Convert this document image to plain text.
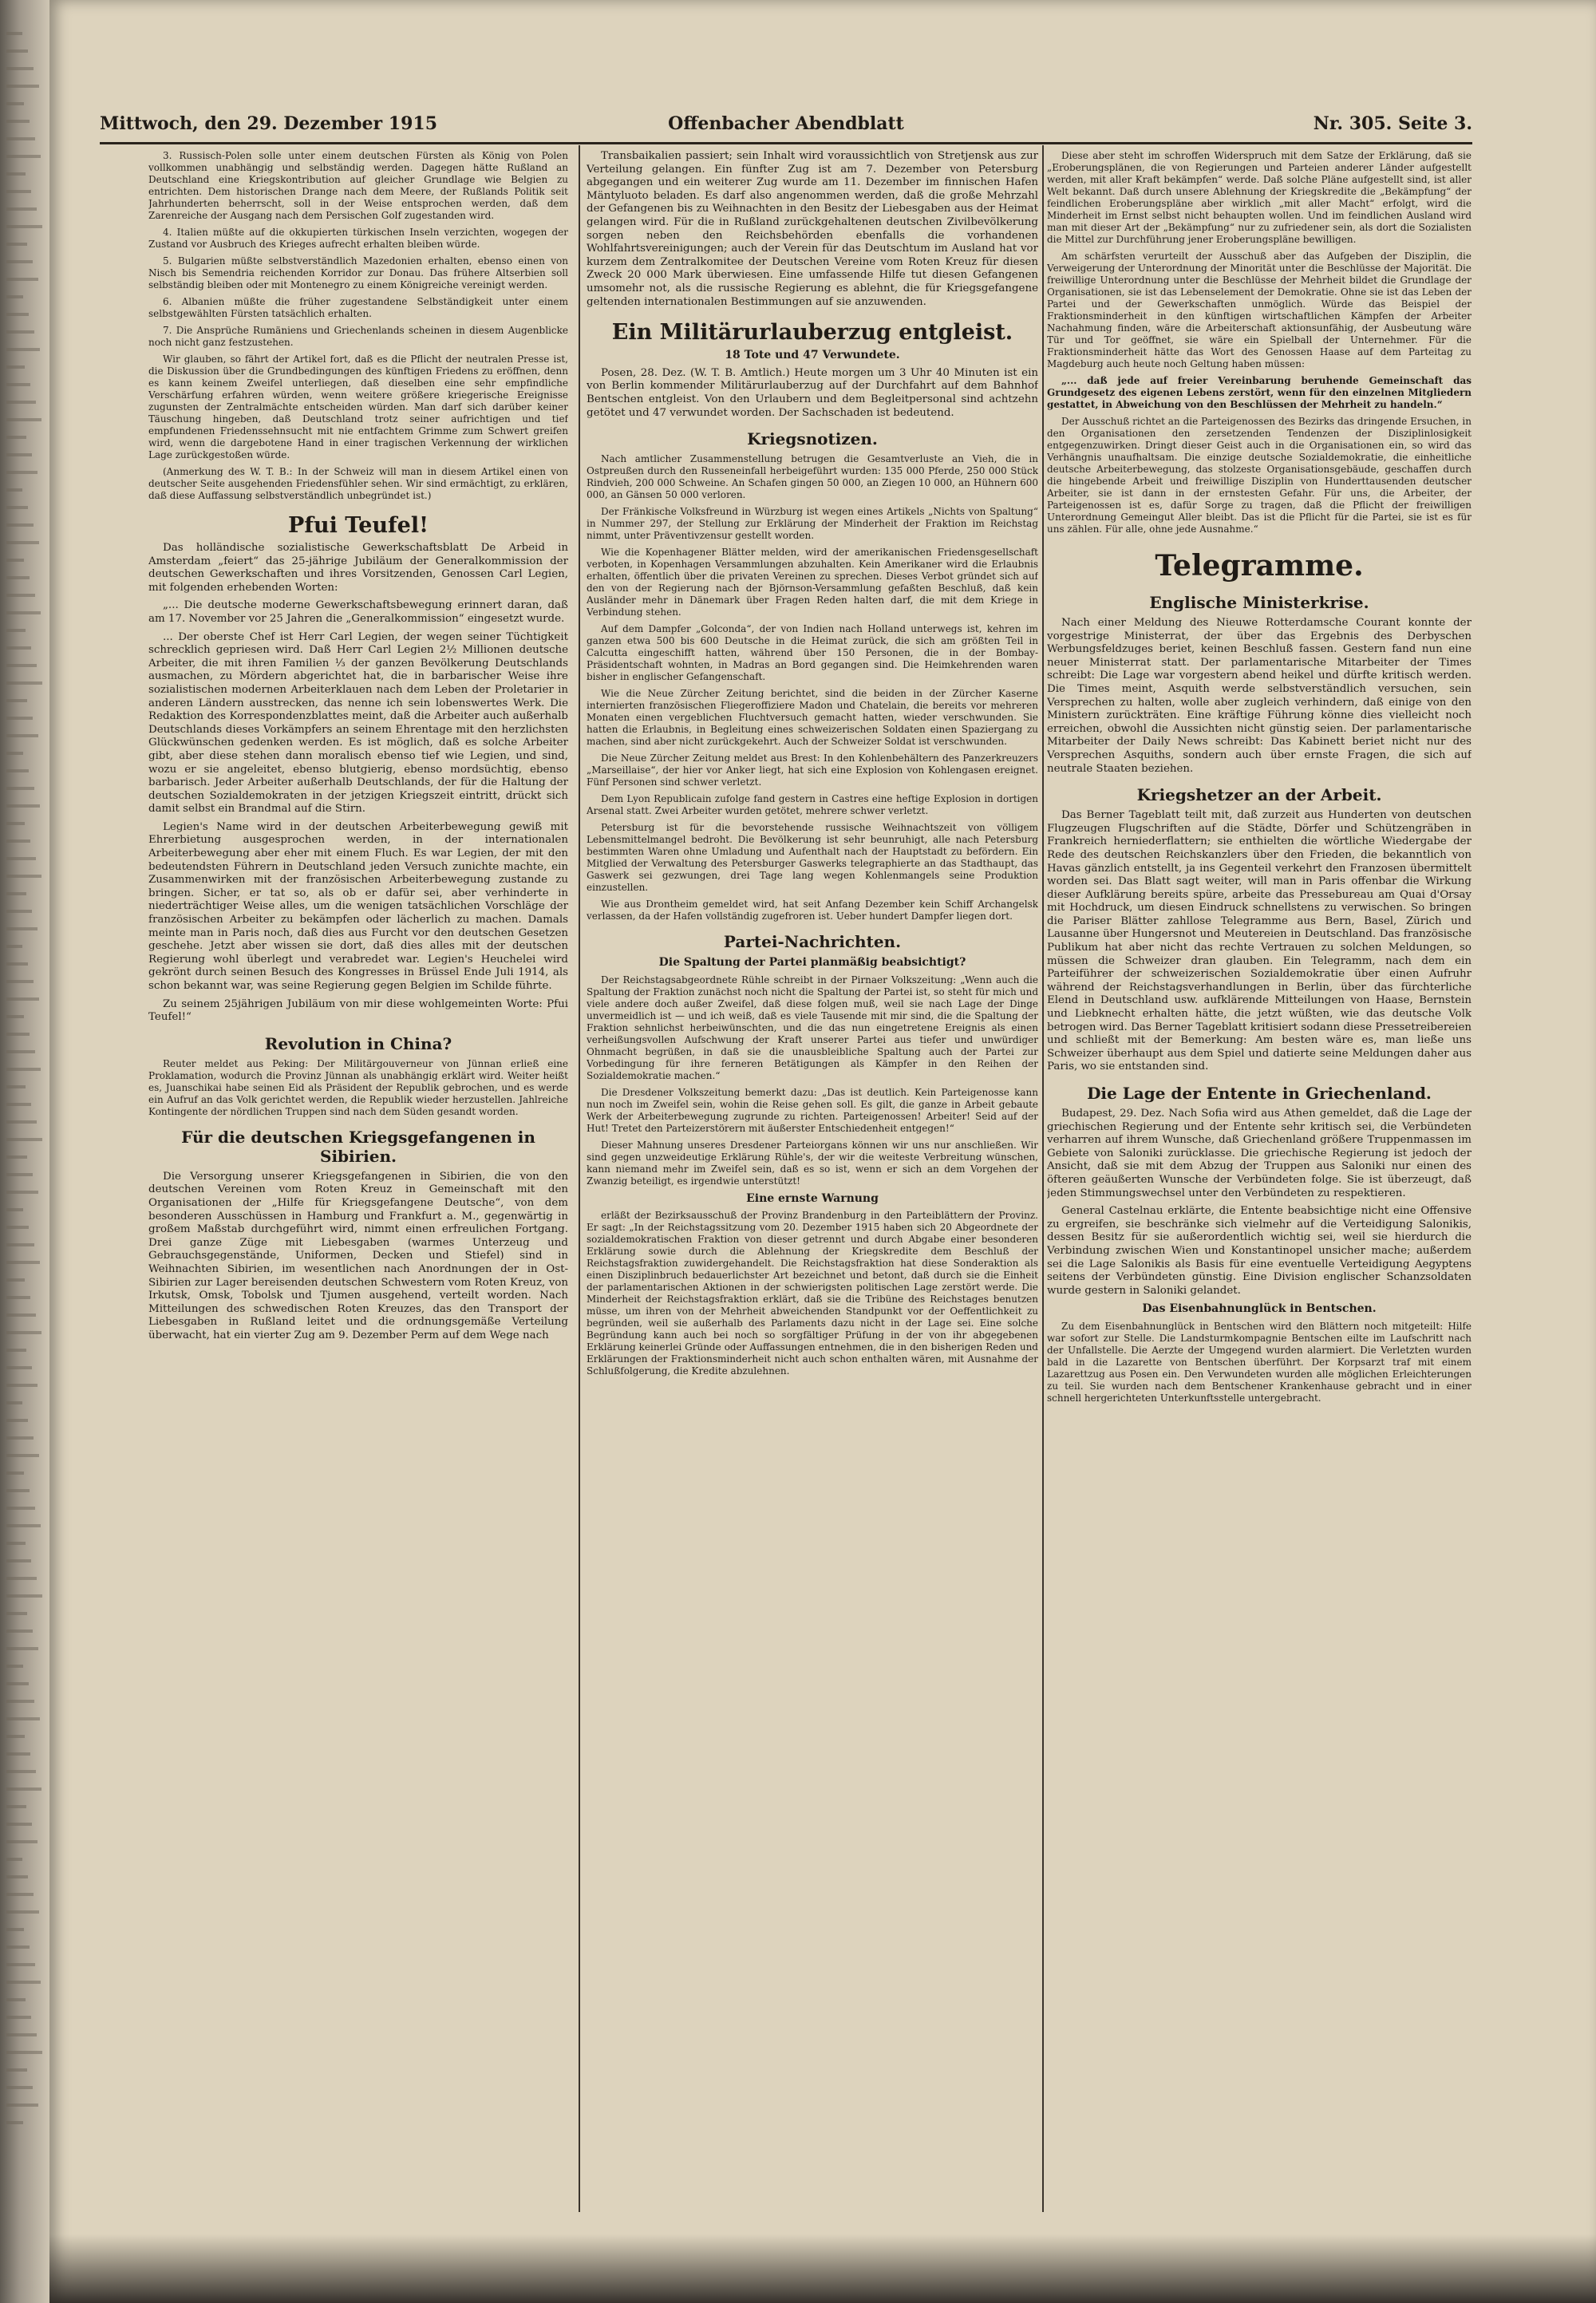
Offenbacher Abendblatt
Mittwoch, den 29. Dezember 1915	Nr. 305. Seite 3.

3. Russisch-Polen solle unter einem deutschen Fürsten als König von Polen vollkommen unabhängig und selbständig werden. Dagegen hätte Rußland an Deutschland eine Kriegskontribution auf gleicher Grundlage wie Belgien zu entrichten. Dem historischen Drange nach dem Meere, der Rußlands Politik seit Jahrhunderten beherrscht, soll in der Weise entsprochen werden, daß dem Zarenreiche der Ausgang nach dem Persischen Golf zugestanden wird.

4. Italien müßte auf die okkupierten türkischen Inseln verzichten, wogegen der Zustand vor Ausbruch des Krieges aufrecht erhalten bleiben würde.

5. Bulgarien müßte selbstverständlich Mazedonien erhalten, ebenso einen von Nisch bis Semendria reichenden Korridor zur Donau. Das frühere Altserbien soll selbständig bleiben oder mit Montenegro zu einem Königreiche vereinigt werden.

6. Albanien müßte die früher zugestandene Selbständigkeit unter einem selbstgewählten Fürsten tatsächlich erhalten.

7. Die Ansprüche Rumäniens und Griechenlands scheinen in diesem Augenblicke noch nicht ganz festzustehen.

Wir glauben, so fährt der Artikel fort, daß es die Pflicht der neutralen Presse ist, die Diskussion über die Grundbedingungen des künftigen Friedens zu eröffnen, denn es kann keinem Zweifel unterliegen, daß dieselben eine sehr empfindliche Verschärfung erfahren würden, wenn weitere größere kriegerische Ereignisse zugunsten der Zentralmächte entscheiden würden. Man darf sich darüber keiner Täuschung hingeben, daß Deutschland trotz seiner aufrichtigen und tief empfundenen Friedenssehnsucht mit nie entfachtem Grimme zum Schwert greifen wird, wenn die dargebotene Hand in einer tragischen Verkennung der wirklichen Lage zurückgestoßen würde.

(Anmerkung des W. T. B.: In der Schweiz will man in diesem Artikel einen von deutscher Seite ausgehenden Friedensfühler sehen. Wir sind ermächtigt, zu erklären, daß diese Auffassung selbstverständlich unbegründet ist.)

Pfui Teufel!

Das holländische sozialistische Gewerkschaftsblatt De Arbeid in Amsterdam „feiert“ das 25-jährige Jubiläum der Generalkommission der deutschen Gewerkschaften und ihres Vorsitzenden, Genossen Carl Legien, mit folgenden erhebenden Worten:

„... Die deutsche moderne Gewerkschaftsbewegung erinnert daran, daß am 17. November vor 25 Jahren die „Generalkommission“ eingesetzt wurde.

... Der oberste Chef ist Herr Carl Legien, der wegen seiner Tüchtigkeit schrecklich gepriesen wird. Daß Herr Carl Legien 2½ Millionen deutsche Arbeiter, die mit ihren Familien ⅓ der ganzen Bevölkerung Deutschlands ausmachen, zu Mördern abgerichtet hat, die in barbarischer Weise ihre sozialistischen modernen Arbeiterklauen nach dem Leben der Proletarier in anderen Ländern ausstrecken, das nenne ich sein lobenswertes Werk. Die Redaktion des Korrespondenzblattes meint, daß die Arbeiter auch außerhalb Deutschlands dieses Vorkämpfers an seinem Ehrentage mit den herzlichsten Glückwünschen gedenken werden. Es ist möglich, daß es solche Arbeiter gibt, aber diese stehen dann moralisch ebenso tief wie Legien, und sind, wozu er sie angeleitet, ebenso blutgierig, ebenso mordsüchtig, ebenso barbarisch. Jeder Arbeiter außerhalb Deutschlands, der für die Haltung der deutschen Sozialdemokraten in der jetzigen Kriegszeit eintritt, drückt sich damit selbst ein Brandmal auf die Stirn.

Legien's Name wird in der deutschen Arbeiterbewegung gewiß mit Ehrerbietung ausgesprochen werden, in der internationalen Arbeiterbewegung aber eher mit einem Fluch. Es war Legien, der mit den bedeutendsten Führern in Deutschland jeden Versuch zunichte machte, ein Zusammenwirken mit der französischen Arbeiterbewegung zustande zu bringen. Sicher, er tat so, als ob er dafür sei, aber verhinderte in niederträchtiger Weise alles, um die wenigen tatsächlichen Vorschläge der französischen Arbeiter zu bekämpfen oder lächerlich zu machen. Damals meinte man in Paris noch, daß dies aus Furcht vor den deutschen Gesetzen geschehe. Jetzt aber wissen sie dort, daß dies alles mit der deutschen Regierung wohl überlegt und verabredet war. Legien's Heuchelei wird gekrönt durch seinen Besuch des Kongresses in Brüssel Ende Juli 1914, als schon bekannt war, was seine Regierung gegen Belgien im Schilde führte.

Zu seinem 25jährigen Jubiläum von mir diese wohlgemeinten Worte: Pfui Teufel!“

Revolution in China?

Reuter meldet aus Peking: Der Militärgouverneur von Jünnan erließ eine Proklamation, wodurch die Provinz Jünnan als unabhängig erklärt wird. Weiter heißt es, Juanschikai habe seinen Eid als Präsident der Republik gebrochen, und es werde ein Aufruf an das Volk gerichtet werden, die Republik wieder herzustellen. Jahlreiche Kontingente der nördlichen Truppen sind nach dem Süden gesandt worden.

Für die deutschen Kriegsgefangenen in Sibirien.

Die Versorgung unserer Kriegsgefangenen in Sibirien, die von den deutschen Vereinen vom Roten Kreuz in Gemeinschaft mit den Organisationen der „Hilfe für Kriegsgefangene Deutsche“, von dem besonderen Ausschüssen in Hamburg und Frankfurt a. M., gegenwärtig in großem Maßstab durchgeführt wird, nimmt einen erfreulichen Fortgang. Drei ganze Züge mit Liebesgaben (warmes Unterzeug und Gebrauchsgegenstände, Uniformen, Decken und Stiefel) sind in Weihnachten Sibirien, im wesentlichen nach Anordnungen der in Ost-Sibirien zur Lager bereisenden deutschen Schwestern vom Roten Kreuz, von Irkutsk, Omsk, Tobolsk und Tjumen ausgehend, verteilt worden. Nach Mitteilungen des schwedischen Roten Kreuzes, das den Transport der Liebesgaben in Rußland leitet und die ordnungsgemäße Verteilung überwacht, hat ein vierter Zug am 9. Dezember Perm auf dem Wege nach

Transbaikalien passiert; sein Inhalt wird voraussichtlich von Stretjensk aus zur Verteilung gelangen. Ein fünfter Zug ist am 7. Dezember von Petersburg abgegangen und ein weiterer Zug wurde am 11. Dezember im finnischen Hafen Mäntyluoto beladen. Es darf also angenommen werden, daß die große Mehrzahl der Gefangenen bis zu Weihnachten in den Besitz der Liebesgaben aus der Heimat gelangen wird. Für die in Rußland zurückgehaltenen deutschen Zivilbevölkerung sorgen neben den Reichsbehörden ebenfalls die vorhandenen Wohlfahrtsvereinigungen; auch der Verein für das Deutschtum im Ausland hat vor kurzem dem Zentralkomitee der Deutschen Vereine vom Roten Kreuz für diesen Zweck 20 000 Mark überwiesen. Eine umfassende Hilfe tut diesen Gefangenen umsomehr not, als die russische Regierung es ablehnt, die für Kriegsgefangene geltenden internationalen Bestimmungen auf sie anzuwenden.

Ein Militärurlauberzug entgleist.
18 Tote und 47 Verwundete.

Posen, 28. Dez. (W. T. B. Amtlich.) Heute morgen um 3 Uhr 40 Minuten ist ein von Berlin kommender Militärurlauberzug auf der Durchfahrt auf dem Bahnhof Bentschen entgleist. Von den Urlaubern und dem Begleitpersonal sind achtzehn getötet und 47 verwundet worden. Der Sachschaden ist bedeutend.

Kriegsnotizen.

Nach amtlicher Zusammenstellung betrugen die Gesamtverluste an Vieh, die in Ostpreußen durch den Russeneinfall herbeigeführt wurden: 135 000 Pferde, 250 000 Stück Rindvieh, 200 000 Schweine. An Schafen gingen 50 000, an Ziegen 10 000, an Hühnern 600 000, an Gänsen 50 000 verloren.

Der Fränkische Volksfreund in Würzburg ist wegen eines Artikels „Nichts von Spaltung“ in Nummer 297, der Stellung zur Erklärung der Minderheit der Fraktion im Reichstag nimmt, unter Präventivzensur gestellt worden.

Wie die Kopenhagener Blätter melden, wird der amerikanischen Friedensgesellschaft verboten, in Kopenhagen Versammlungen abzuhalten. Kein Amerikaner wird die Erlaubnis erhalten, öffentlich über die privaten Vereinen zu sprechen. Dieses Verbot gründet sich auf den von der Regierung nach der Björnson-Versammlung gefaßten Beschluß, daß kein Ausländer mehr in Dänemark über Fragen Reden halten darf, die mit dem Kriege in Verbindung stehen.

Auf dem Dampfer „Golconda“, der von Indien nach Holland unterwegs ist, kehren im ganzen etwa 500 bis 600 Deutsche in die Heimat zurück, die sich am größten Teil in Calcutta eingeschifft hatten, während über 150 Personen, die in der Bombay-Präsidentschaft wohnten, in Madras an Bord gegangen sind. Die Heimkehrenden waren bisher in englischer Gefangenschaft.

Wie die Neue Zürcher Zeitung berichtet, sind die beiden in der Zürcher Kaserne internierten französischen Fliegeroffiziere Madon und Chatelain, die bereits vor mehreren Monaten einen vergeblichen Fluchtversuch gemacht hatten, wieder verschwunden. Sie hatten die Erlaubnis, in Begleitung eines schweizerischen Soldaten einen Spaziergang zu machen, sind aber nicht zurückgekehrt. Auch der Schweizer Soldat ist verschwunden.

Die Neue Zürcher Zeitung meldet aus Brest: In den Kohlenbehältern des Panzerkreuzers „Marseillaise“, der hier vor Anker liegt, hat sich eine Explosion von Kohlengasen ereignet. Fünf Personen sind schwer verletzt.

Dem Lyon Republicain zufolge fand gestern in Castres eine heftige Explosion in dortigen Arsenal statt. Zwei Arbeiter wurden getötet, mehrere schwer verletzt.

Petersburg ist für die bevorstehende russische Weihnachtszeit von völligem Lebensmittelmangel bedroht. Die Bevölkerung ist sehr beunruhigt, alle nach Petersburg bestimmten Waren ohne Umladung und Aufenthalt nach der Hauptstadt zu befördern. Ein Mitglied der Verwaltung des Petersburger Gaswerks telegraphierte an das Stadthaupt, das Gaswerk sei gezwungen, drei Tage lang wegen Kohlenmangels seine Produktion einzustellen.

Wie aus Drontheim gemeldet wird, hat seit Anfang Dezember kein Schiff Archangelsk verlassen, da der Hafen vollständig zugefroren ist. Ueber hundert Dampfer liegen dort.

Partei-Nachrichten.
Die Spaltung der Partei planmäßig beabsichtigt?

Der Reichstagsabgeordnete Rühle schreibt in der Pirnaer Volkszeitung: „Wenn auch die Spaltung der Fraktion zunächst noch nicht die Spaltung der Partei ist, so steht für mich und viele andere doch außer Zweifel, daß diese folgen muß, weil sie nach Lage der Dinge unvermeidlich ist — und ich weiß, daß es viele Tausende mit mir sind, die die Spaltung der Fraktion sehnlichst herbeiwünschten, und die das nun eingetretene Ereignis als einen verheißungsvollen Aufschwung der Kraft unserer Partei aus tiefer und unwürdiger Ohnmacht begrüßen, in daß sie die unausbleibliche Spaltung auch der Partei zur Vorbedingung für ihre ferneren Betätigungen als Kämpfer in den Reihen der Sozialdemokratie machen.“

Die Dresdener Volkszeitung bemerkt dazu: „Das ist deutlich. Kein Parteigenosse kann nun noch im Zweifel sein, wohin die Reise gehen soll. Es gilt, die ganze in Arbeit gebaute Werk der Arbeiterbewegung zugrunde zu richten. Parteigenossen! Arbeiter! Seid auf der Hut! Tretet den Parteizerstörern mit äußerster Entschiedenheit entgegen!“

Dieser Mahnung unseres Dresdener Parteiorgans können wir uns nur anschließen. Wir sind gegen unzweideutige Erklärung Rühle's, der wir die weiteste Verbreitung wünschen, kann niemand mehr im Zweifel sein, daß es so ist, wenn er sich an dem Vorgehen der Zwanzig beteiligt, es irgendwie unterstützt!

Eine ernste Warnung

erläßt der Bezirksausschuß der Provinz Brandenburg in den Parteiblättern der Provinz. Er sagt: „In der Reichstagssitzung vom 20. Dezember 1915 haben sich 20 Abgeordnete der sozialdemokratischen Fraktion von dieser getrennt und durch Abgabe einer besonderen Erklärung sowie durch die Ablehnung der Kriegskredite dem Beschluß der Reichstagsfraktion zuwidergehandelt. Die Reichstagsfraktion hat diese Sonderaktion als einen Disziplinbruch bedauerlichster Art bezeichnet und betont, daß durch sie die Einheit der parlamentarischen Aktionen in der schwierigsten politischen Lage zerstört werde. Die Minderheit der Reichstagsfraktion erklärt, daß sie die Tribüne des Reichstages benutzen müsse, um ihren von der Mehrheit abweichenden Standpunkt vor der Oeffentlichkeit zu begründen, weil sie außerhalb des Parlaments dazu nicht in der Lage sei. Eine solche Begründung kann auch bei noch so sorgfältiger Prüfung in der von ihr abgegebenen Erklärung keinerlei Gründe oder Auffassungen entnehmen, die in den bisherigen Reden und Erklärungen der Fraktionsminderheit nicht auch schon enthalten wären, mit Ausnahme der Schlußfolgerung, die Kredite abzulehnen.

Diese aber steht im schroffen Widerspruch mit dem Satze der Erklärung, daß sie „Eroberungsplänen, die von Regierungen und Parteien anderer Länder aufgestellt werden, mit aller Kraft bekämpfen“ werde. Daß solche Pläne aufgestellt sind, ist aller Welt bekannt. Daß durch unsere Ablehnung der Kriegskredite die „Bekämpfung“ der feindlichen Eroberungspläne aber wirklich „mit aller Macht“ erfolgt, wird die Minderheit im Ernst selbst nicht behaupten wollen. Und im feindlichen Ausland wird man mit dieser Art der „Bekämpfung“ nur zu zufriedener sein, als dort die Sozialisten die Mittel zur Durchführung jener Eroberungspläne bewilligen.

Am schärfsten verurteilt der Ausschuß aber das Aufgeben der Disziplin, die Verweigerung der Unterordnung der Minorität unter die Beschlüsse der Majorität. Die freiwillige Unterordnung unter die Beschlüsse der Mehrheit bildet die Grundlage der Organisationen, sie ist das Lebenselement der Demokratie. Ohne sie ist das Leben der Partei und der Gewerkschaften unmöglich. Würde das Beispiel der Fraktionsminderheit in den künftigen wirtschaftlichen Kämpfen der Arbeiter Nachahmung finden, wäre die Arbeiterschaft aktionsunfähig, der Ausbeutung wäre Tür und Tor geöffnet, sie wäre ein Spielball der Unternehmer. Für die Fraktionsminderheit hätte das Wort des Genossen Haase auf dem Parteitag zu Magdeburg auch heute noch Geltung haben müssen:

„... daß jede auf freier Vereinbarung beruhende Gemeinschaft das Grundgesetz des eigenen Lebens zerstört, wenn für den einzelnen Mitgliedern gestattet, in Abweichung von den Beschlüssen der Mehrheit zu handeln.“

Der Ausschuß richtet an die Parteigenossen des Bezirks das dringende Ersuchen, in den Organisationen den zersetzenden Tendenzen der Disziplinlosigkeit entgegenzuwirken. Dringt dieser Geist auch in die Organisationen ein, so wird das Verhängnis unaufhaltsam. Die einzige deutsche Sozialdemokratie, die einheitliche deutsche Arbeiterbewegung, das stolzeste Organisationsgebäude, geschaffen durch die hingebende Arbeit und freiwillige Disziplin von Hunderttausenden deutscher Arbeiter, sie ist dann in der ernstesten Gefahr. Für uns, die Arbeiter, der Parteigenossen ist es, dafür Sorge zu tragen, daß die Pflicht der freiwilligen Unterordnung Gemeingut Aller bleibt. Das ist die Pflicht für die Partei, sie ist es für uns zählen. Für alle, ohne jede Ausnahme.“

Telegramme.
Englische Ministerkrise.

Nach einer Meldung des Nieuwe Rotterdamsche Courant konnte der vorgestrige Ministerrat, der über das Ergebnis des Derbyschen Werbungsfeldzuges beriet, keinen Beschluß fassen. Gestern fand nun eine neuer Ministerrat statt. Der parlamentarische Mitarbeiter der Times schreibt: Die Lage war vorgestern abend heikel und dürfte kritisch werden. Die Times meint, Asquith werde selbstverständlich versuchen, sein Versprechen zu halten, wolle aber zugleich verhindern, daß einige von den Ministern zurückträten. Eine kräftige Führung könne dies vielleicht noch erreichen, obwohl die Aussichten nicht günstig seien. Der parlamentarische Mitarbeiter der Daily News schreibt: Das Kabinett beriet nicht nur des Versprechen Asquiths, sondern auch über ernste Fragen, die sich auf neutrale Staaten beziehen.

Kriegshetzer an der Arbeit.

Das Berner Tageblatt teilt mit, daß zurzeit aus Hunderten von deutschen Flugzeugen Flugschriften auf die Städte, Dörfer und Schützengräben in Frankreich herniederflattern; sie enthielten die wörtliche Wiedergabe der Rede des deutschen Reichskanzlers über den Frieden, die bekanntlich von Havas gänzlich entstellt, ja ins Gegenteil verkehrt den Franzosen übermittelt worden sei. Das Blatt sagt weiter, will man in Paris offenbar die Wirkung dieser Aufklärung bereits spüre, arbeite das Pressebureau am Quai d'Orsay mit Hochdruck, um diesen Eindruck schnellstens zu verwischen. So bringen die Pariser Blätter zahllose Telegramme aus Bern, Basel, Zürich und Lausanne über Hungersnot und Meutereien in Deutschland. Das französische Publikum hat aber nicht das rechte Vertrauen zu solchen Meldungen, so müssen die Schweizer dran glauben. Ein Telegramm, nach dem ein Parteiführer der schweizerischen Sozialdemokratie über einen Aufruhr während der Reichstagsverhandlungen in Berlin, über das fürchterliche Elend in Deutschland usw. aufklärende Mitteilungen von Haase, Bernstein und Liebknecht erhalten hätte, die jetzt wüßten, wie das deutsche Volk betrogen wird. Das Berner Tageblatt kritisiert sodann diese Pressetreibereien und schließt mit der Bemerkung: Am besten wäre es, man ließe uns Schweizer überhaupt aus dem Spiel und datierte seine Meldungen daher aus Paris, wo sie entstanden sind.

Die Lage der Entente in Griechenland.

Budapest, 29. Dez. Nach Sofia wird aus Athen gemeldet, daß die Lage der griechischen Regierung und der Entente sehr kritisch sei, die Verbündeten verharren auf ihrem Wunsche, daß Griechenland größere Truppenmassen im Gebiete von Saloniki zurücklasse. Die griechische Regierung ist jedoch der Ansicht, daß sie mit dem Abzug der Truppen aus Saloniki nur einen des öfteren geäußerten Wunsche der Verbündeten folge. Sie ist überzeugt, daß jeden Stimmungswechsel unter den Verbündeten zu respektieren.

General Castelnau erklärte, die Entente beabsichtige nicht eine Offensive zu ergreifen, sie beschränke sich vielmehr auf die Verteidigung Salonikis, dessen Besitz für sie außerordentlich wichtig sei, weil sie hierdurch die Verbindung zwischen Wien und Konstantinopel unsicher mache; außerdem sei die Lage Salonikis als Basis für eine eventuelle Verteidigung Aegyptens seitens der Verbündeten günstig. Eine Division englischer Schanzsoldaten wurde gestern in Saloniki gelandet.

Das Eisenbahnunglück in Bentschen.

Zu dem Eisenbahnunglück in Bentschen wird den Blättern noch mitgeteilt: Hilfe war sofort zur Stelle. Die Landsturmkompagnie Bentschen eilte im Laufschritt nach der Unfallstelle. Die Aerzte der Umgegend wurden alarmiert. Die Verletzten wurden bald in die Lazarette von Bentschen überführt. Der Korpsarzt traf mit einem Lazarettzug aus Posen ein. Den Verwundeten wurden alle möglichen Erleichterungen zu teil. Sie wurden nach dem Bentschener Krankenhause gebracht und in einer schnell hergerichteten Unterkunftsstelle untergebracht.
